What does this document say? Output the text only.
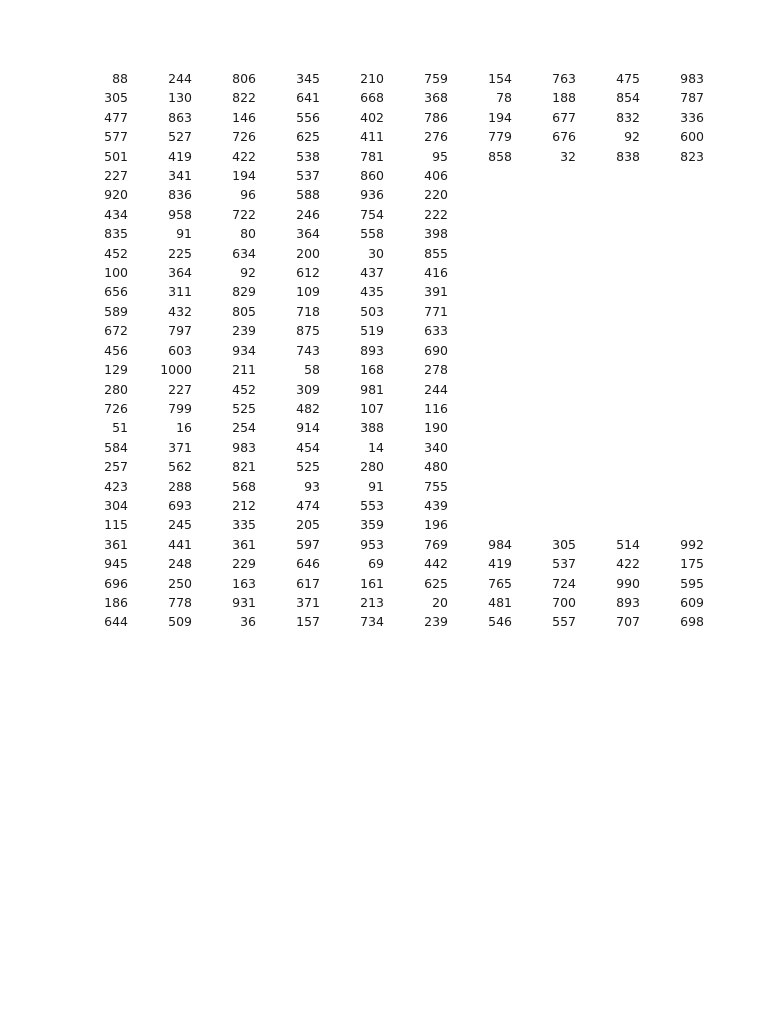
88	244	806	345	210	759	154	763	475	983
305	130	822	641	668	368	78	188	854	787
477	863	146	556	402	786	194	677	832	336
577	527	726	625	411	276	779	676	92	600
501	419	422	538	781	95	858	32	838	823
227	341	194	537	860	406				
920	836	96	588	936	220				
434	958	722	246	754	222				
835	91	80	364	558	398				
452	225	634	200	30	855				
100	364	92	612	437	416				
656	311	829	109	435	391				
589	432	805	718	503	771				
672	797	239	875	519	633				
456	603	934	743	893	690				
129	1000	211	58	168	278				
280	227	452	309	981	244				
726	799	525	482	107	116				
51	16	254	914	388	190				
584	371	983	454	14	340				
257	562	821	525	280	480				
423	288	568	93	91	755				
304	693	212	474	553	439				
115	245	335	205	359	196				
361	441	361	597	953	769	984	305	514	992
945	248	229	646	69	442	419	537	422	175
696	250	163	617	161	625	765	724	990	595
186	778	931	371	213	20	481	700	893	609
644	509	36	157	734	239	546	557	707	698
